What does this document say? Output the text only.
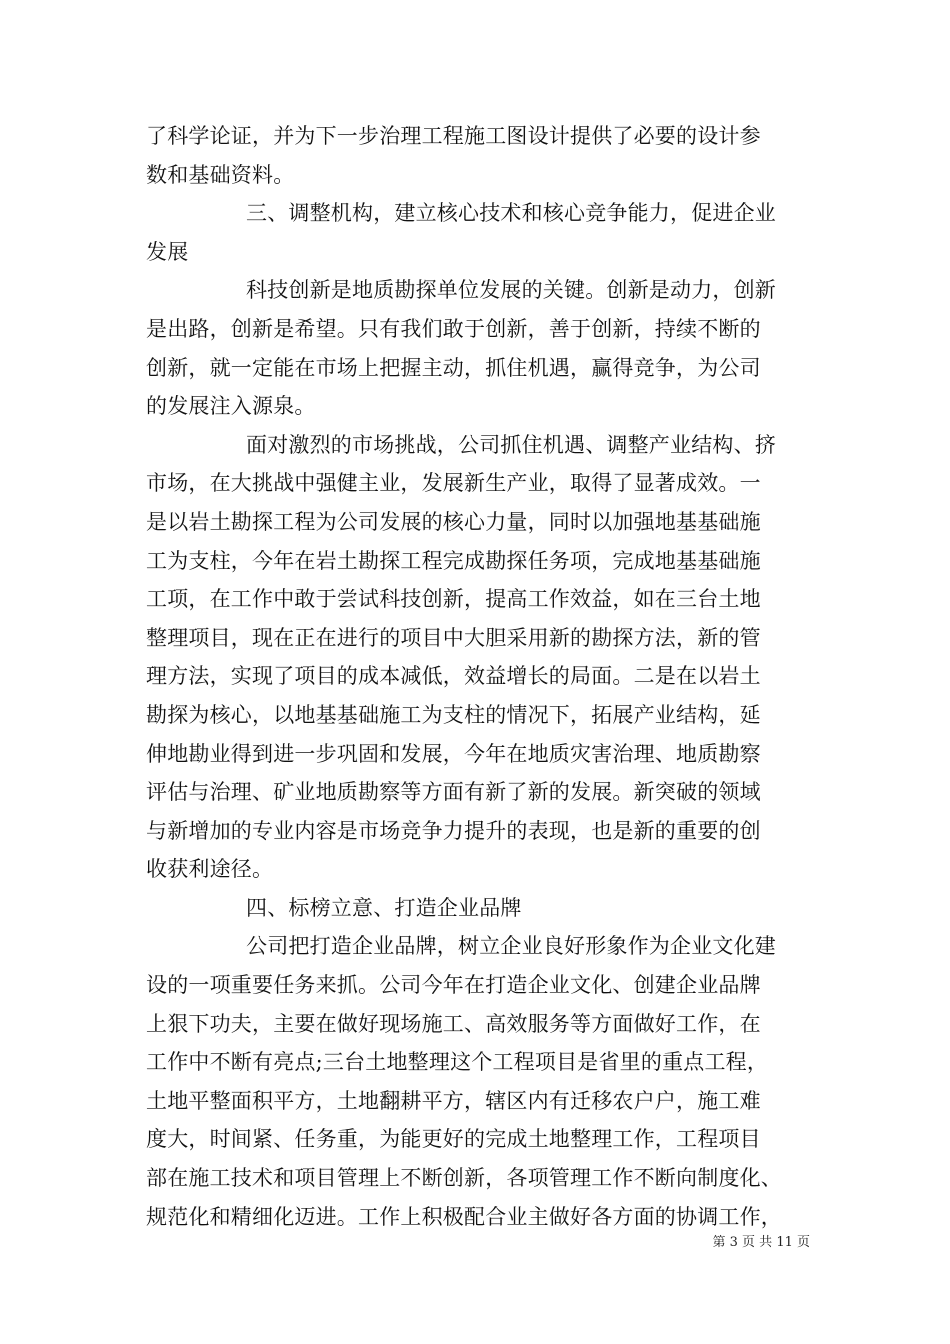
了科学论证，并为下一步治理工程施工图设计提供了必要的设计参
数和基础资料。
三、调整机构，建立核心技术和核心竞争能力，促进企业
发展
科技创新是地质勘探单位发展的关键。创新是动力，创新
是出路，创新是希望。只有我们敢于创新，善于创新，持续不断的
创新，就一定能在市场上把握主动，抓住机遇，赢得竞争，为公司
的发展注入源泉。
面对激烈的市场挑战，公司抓住机遇、调整产业结构、挤
市场，在大挑战中强健主业，发展新生产业，取得了显著成效。一
是以岩土勘探工程为公司发展的核心力量，同时以加强地基基础施
工为支柱，今年在岩土勘探工程完成勘探任务项，完成地基基础施
工项，在工作中敢于尝试科技创新，提高工作效益，如在三台土地
整理项目，现在正在进行的项目中大胆采用新的勘探方法，新的管
理方法，实现了项目的成本减低，效益增长的局面。二是在以岩土
勘探为核心，以地基基础施工为支柱的情况下，拓展产业结构，延
伸地勘业得到进一步巩固和发展，今年在地质灾害治理、地质勘察
评估与治理、矿业地质勘察等方面有新了新的发展。新突破的领域
与新增加的专业内容是市场竞争力提升的表现，也是新的重要的创
收获利途径。
四、标榜立意、打造企业品牌
公司把打造企业品牌，树立企业良好形象作为企业文化建
设的一项重要任务来抓。公司今年在打造企业文化、创建企业品牌
上狠下功夫，主要在做好现场施工、高效服务等方面做好工作，在
工作中不断有亮点;三台土地整理这个工程项目是省里的重点工程，
土地平整面积平方，土地翻耕平方，辖区内有迁移农户户，施工难
度大，时间紧、任务重，为能更好的完成土地整理工作，工程项目
部在施工技术和项目管理上不断创新，各项管理工作不断向制度化、
规范化和精细化迈进。工作上积极配合业主做好各方面的协调工作，
第 3 页 共 11 页
